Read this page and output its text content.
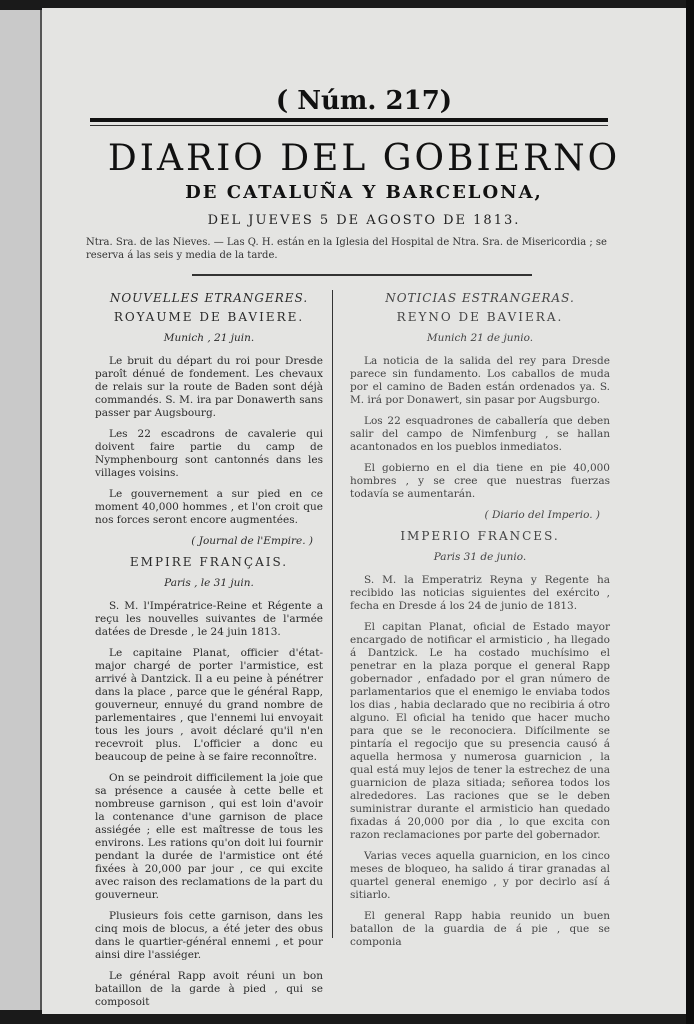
( Núm. 217)
DIARIO DEL GOBIERNO
DE CATALUÑA Y BARCELONA,
DEL JUEVES 5 DE AGOSTO DE 1813.
Ntra. Sra. de las Nieves. — Las Q. H. están en la Iglesia del Hospital de Ntra. Sra. de Misericordia ; se reserva á las seis y media de la tarde.
NOUVELLES ETRANGERES.
ROYAUME DE BAVIERE.
Munich , 21 juin.

Le bruit du départ du roi pour Dresde paroît dénué de fondement. Les chevaux de relais sur la route de Baden sont déjà commandés. S. M. ira par Donawerth sans passer par Augsbourg.

Les 22 escadrons de cavalerie qui doivent faire partie du camp de Nymphenbourg sont cantonnés dans les villages voisins.

Le gouvernement a sur pied en ce moment 40,000 hommes , et l'on croit que nos forces seront encore augmentées.

( Journal de l'Empire. )
EMPIRE FRANÇAIS.
Paris , le 31 juin.

S. M. l'Impératrice-Reine et Régente a reçu les nouvelles suivantes de l'armée datées de Dresde , le 24 juin 1813.

Le capitaine Planat, officier d'état-major chargé de porter l'armistice, est arrivé à Dantzick. Il a eu peine à pénétrer dans la place , parce que le général Rapp, gouverneur, ennuyé du grand nombre de parlementaires , que l'ennemi lui envoyait tous les jours , avoit déclaré qu'il n'en recevroit plus. L'officier a donc eu beaucoup de peine à se faire reconnoître.

On se peindroit difficilement la joie que sa présence a causée à cette belle et nombreuse garnison , qui est loin d'avoir la contenance d'une garnison de place assiégée ; elle est maîtresse de tous les environs. Les rations qu'on doit lui fournir pendant la durée de l'armistice ont été fixées à 20,000 par jour , ce qui excite avec raison des reclamations de la part du gouverneur.

Plusieurs fois cette garnison, dans les cinq mois de blocus, a été jeter des obus dans le quartier-général ennemi , et pour ainsi dire l'assiéger.

Le général Rapp avoit réuni un bon bataillon de la garde à pied , qui se composoit

NOTICIAS ESTRANGERAS.
REYNO DE BAVIERA.
Munich 21 de junio.

La noticia de la salida del rey para Dresde parece sin fundamento. Los caballos de muda por el camino de Baden están ordenados ya. S. M. irá por Donawert, sin pasar por Augsburgo.

Los 22 esquadrones de caballería que deben salir del campo de Nimfenburg , se hallan acantonados en los pueblos inmediatos.

El gobierno en el dia tiene en pie 40,000 hombres , y se cree que nuestras fuerzas todavía se aumentarán.

( Diario del Imperio. )
IMPERIO FRANCES.
Paris 31 de junio.

S. M. la Emperatriz Reyna y Regente ha recibido las noticias siguientes del exército , fecha en Dresde á los 24 de junio de 1813.

El capitan Planat, oficial de Estado mayor encargado de notificar el armisticio , ha llegado á Dantzick. Le ha costado muchísimo el penetrar en la plaza porque el general Rapp gobernador , enfadado por el gran número de parlamentarios que el enemigo le enviaba todos los dias , habia declarado que no recibiria á otro alguno. El oficial ha tenido que hacer mucho para que se le reconociera. Difícilmente se pintaría el regocijo que su presencia causó á aquella hermosa y numerosa guarnicion , la qual está muy lejos de tener la estrechez de una guarnicion de plaza sitiada; señorea todos los alrededores. Las raciones que se le deben suministrar durante el armisticio han quedado fixadas á 20,000 por dia , lo que excita con razon reclamaciones por parte del gobernador.

Varias veces aquella guarnicion, en los cinco meses de bloqueo, ha salido á tirar granadas al quartel general enemigo , y por decirlo así á sitiarlo.

El general Rapp habia reunido un buen batallon de la guardia de á pie , que se componia
